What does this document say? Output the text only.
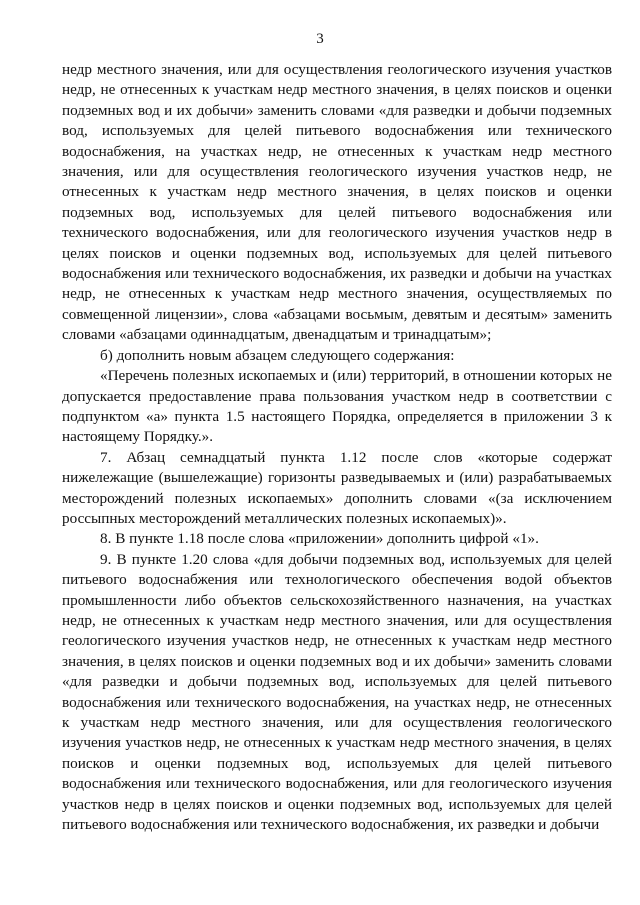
3

недр местного значения, или для осуществления геологического изучения участков недр, не отнесенных к участкам недр местного значения, в целях поисков и оценки подземных вод и их добычи» заменить словами «для разведки и добычи подземных вод, используемых для целей питьевого водоснабжения или технического водоснабжения, на участках недр, не отнесенных к участкам недр местного значения, или для осуществления геологического изучения участков недр, не отнесенных к участкам недр местного значения, в целях поисков и оценки подземных вод, используемых для целей питьевого водоснабжения или технического водоснабжения, или для геологического изучения участков недр в целях поисков и оценки подземных вод, используемых для целей питьевого водоснабжения или технического водоснабжения, их разведки и добычи на участках недр, не отнесенных к участкам недр местного значения, осуществляемых по совмещенной лицензии», слова «абзацами восьмым, девятым и десятым» заменить словами «абзацами одиннадцатым, двенадцатым и тринадцатым»;

б) дополнить новым абзацем следующего содержания:

«Перечень полезных ископаемых и (или) территорий, в отношении которых не допускается предоставление права пользования участком недр в соответствии с подпунктом «а» пункта 1.5 настоящего Порядка, определяется в приложении 3 к настоящему Порядку.».

7. Абзац семнадцатый пункта 1.12 после слов «которые содержат нижележащие (вышележащие) горизонты разведываемых и (или) разрабатываемых месторождений полезных ископаемых» дополнить словами «(за исключением россыпных месторождений металлических полезных ископаемых)».

8. В пункте 1.18 после слова «приложении» дополнить цифрой «1».

9. В пункте 1.20 слова «для добычи подземных вод, используемых для целей питьевого водоснабжения или технологического обеспечения водой объектов промышленности либо объектов сельскохозяйственного назначения, на участках недр, не отнесенных к участкам недр местного значения, или для осуществления геологического изучения участков недр, не отнесенных к участкам недр местного значения, в целях поисков и оценки подземных вод и их добычи» заменить словами «для разведки и добычи подземных вод, используемых для целей питьевого водоснабжения или технического водоснабжения, на участках недр, не отнесенных к участкам недр местного значения, или для осуществления геологического изучения участков недр, не отнесенных к участкам недр местного значения, в целях поисков и оценки подземных вод, используемых для целей питьевого водоснабжения или технического водоснабжения, или для геологического изучения участков недр в целях поисков и оценки подземных вод, используемых для целей питьевого водоснабжения или технического водоснабжения, их разведки и добычи
